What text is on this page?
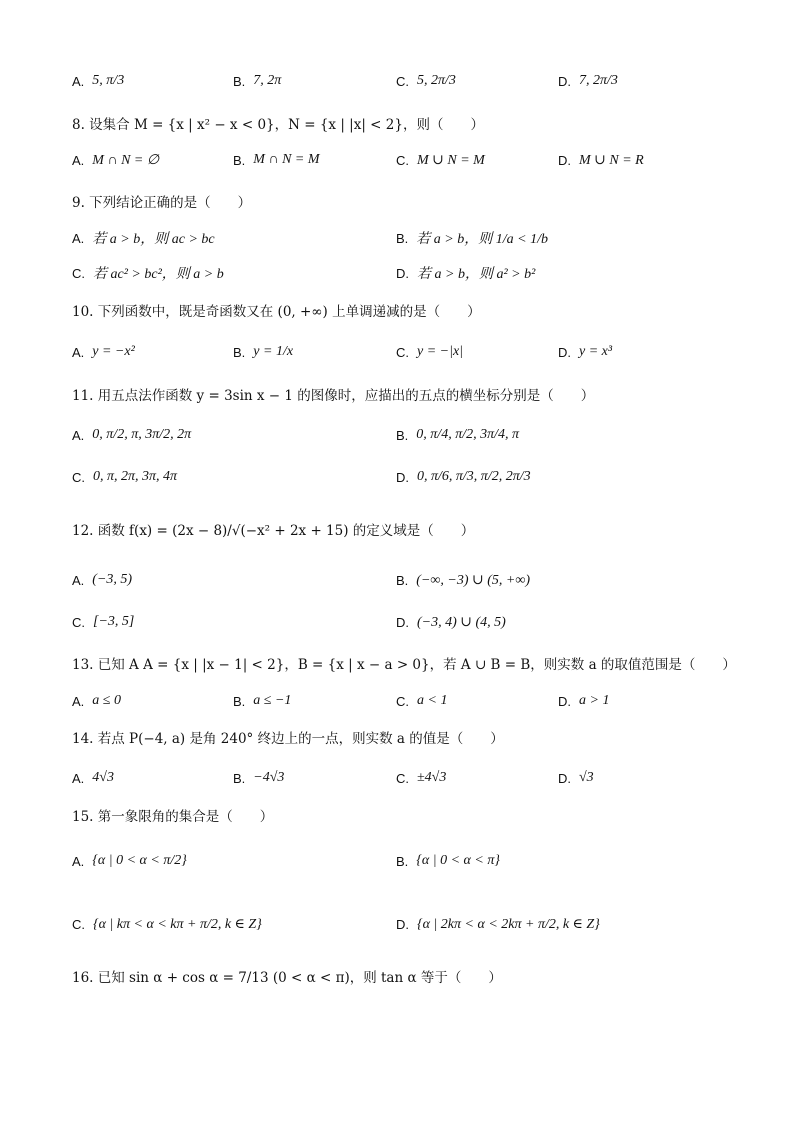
A. 5, π/3	B. 7, 2π	C. 5, 2π/3	D. 7, 2π/3
8. 设集合 M = {x | x² − x < 0}，N = {x | |x| < 2}，则（　　）
A. M ∩ N = ∅	B. M ∩ N = M	C. M ∪ N = M	D. M ∪ N = R
9. 下列结论正确的是（　　）
A. 若 a > b，则 ac > bc	B. 若 a > b，则 1/a < 1/b
C. 若 ac² > bc²，则 a > b	D. 若 a > b，则 a² > b²
10. 下列函数中，既是奇函数又在 (0, +∞) 上单调递减的是（　　）
A. y = −x²	B. y = 1/x	C. y = −|x|	D. y = x³
11. 用五点法作函数 y = 3sin x − 1 的图像时，应描出的五点的横坐标分别是（　　）
A. 0, π/2, π, 3π/2, 2π	B. 0, π/4, π/2, 3π/4, π
C. 0, π, 2π, 3π, 4π	D. 0, π/6, π/3, π/2, 2π/3
12. 函数 f(x) = (2x − 8)/√(−x² + 2x + 15) 的定义域是（　　）
A. (−3, 5)	B. (−∞, −3) ∪ (5, +∞)
C. [−3, 5]	D. (−3, 4) ∪ (4, 5)
13. 已知 A A = {x | |x − 1| < 2}，B = {x | x − a > 0}，若 A ∪ B = B，则实数 a 的取值范围是（　　）
A. a ≤ 0	B. a ≤ −1	C. a < 1	D. a > 1
14. 若点 P(−4, a) 是角 240° 终边上的一点，则实数 a 的值是（　　）
A. 4√3	B. −4√3	C. ±4√3	D. √3
15. 第一象限角的集合是（　　）
A. {α | 0 < α < π/2}	B. {α | 0 < α < π}
C. {α | kπ < α < kπ + π/2, k ∈ Z}	D. {α | 2kπ < α < 2kπ + π/2, k ∈ Z}
16. 已知 sin α + cos α = 7/13 (0 < α < π)，则 tan α 等于（　　）
